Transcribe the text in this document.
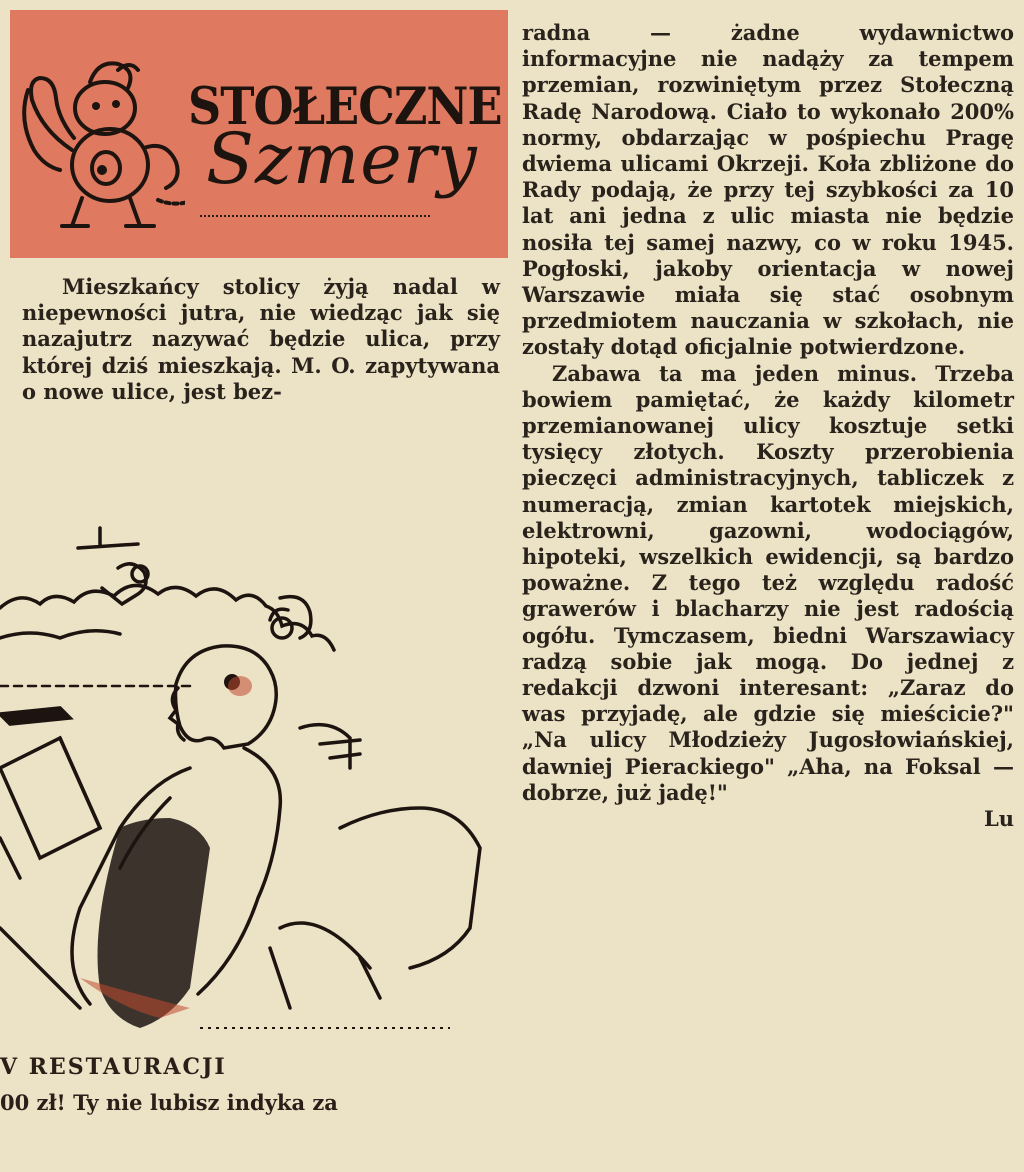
STOŁECZNE
Szmery
Mieszkańcy stolicy żyją nadal w niepewności jutra, nie wiedząc jak się nazajutrz nazywać będzie ulica, przy której dziś mieszkają. M. O. zapytywana o nowe ulice, jest bez-

radna — żadne wydawnictwo informacyjne nie nadąży za tempem przemian, rozwiniętym przez Stołeczną Radę Narodową. Ciało to wykonało 200% normy, obdarzając w pośpiechu Pragę dwiema ulicami Okrzeji. Koła zbliżone do Rady podają, że przy tej szybkości za 10 lat ani jedna z ulic miasta nie będzie nosiła tej samej nazwy, co w roku 1945. Pogłoski, jakoby orientacja w nowej Warszawie miała się stać osobnym przedmiotem nauczania w szkołach, nie zostały dotąd oficjalnie potwierdzone.

Zabawa ta ma jeden minus. Trzeba bowiem pamiętać, że każdy kilometr przemianowanej ulicy kosztuje setki tysięcy złotych. Koszty przerobienia pieczęci administracyjnych, tabliczek z numeracją, zmian kartotek miejskich, elektrowni, gazowni, wodociągów, hipoteki, wszelkich ewidencji, są bardzo poważne. Z tego też względu radość grawerów i blacharzy nie jest radością ogółu. Tymczasem, biedni Warszawiacy radzą sobie jak mogą. Do jednej z redakcji dzwoni interesant: „Zaraz do was przyjadę, ale gdzie się mieścicie?" „Na ulicy Młodzieży Jugosłowiańskiej, dawniej Pierackiego" „Aha, na Foksal — dobrze, już jadę!"

Lu
V RESTAURACJI
00 zł! Ty nie lubisz indyka za
